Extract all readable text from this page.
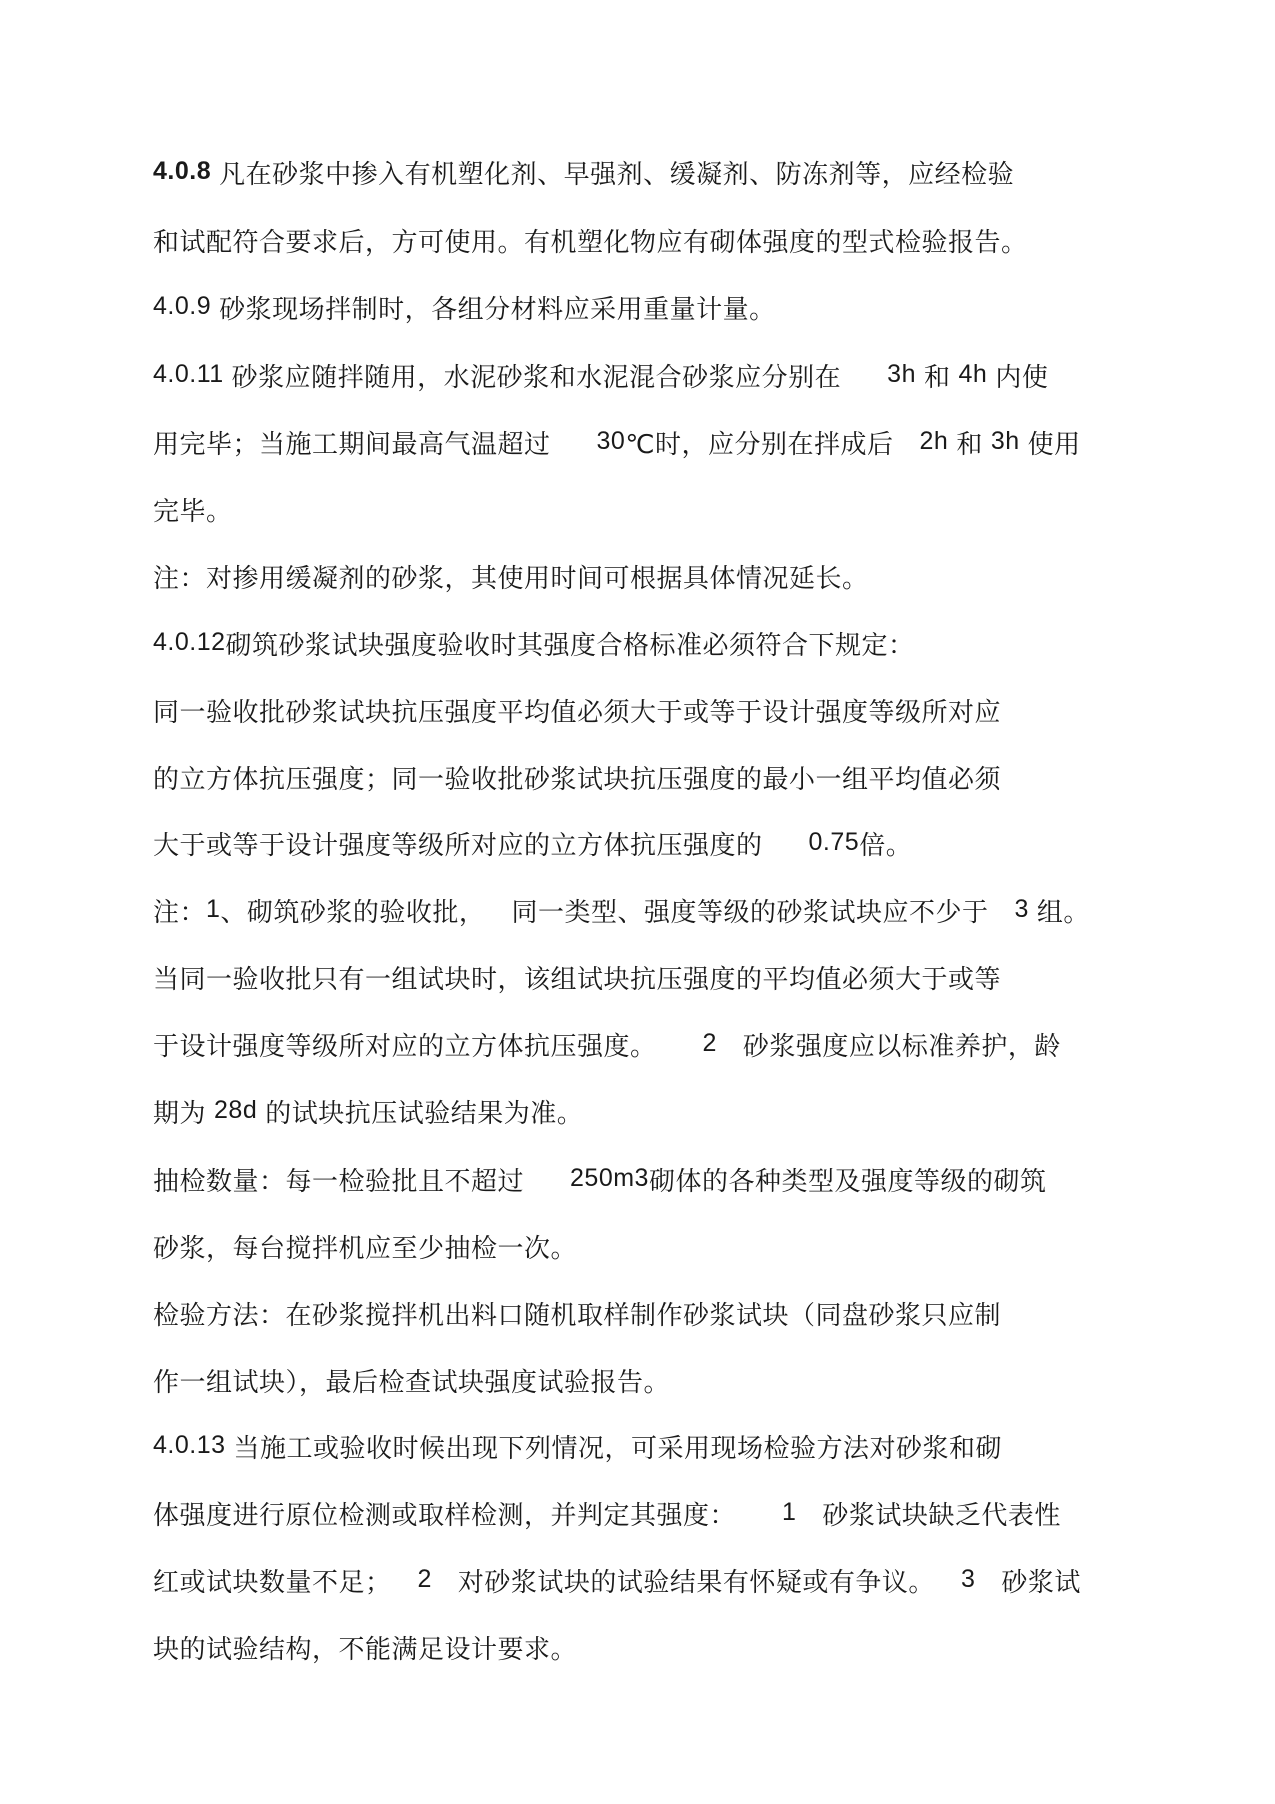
4.0.8 凡在砂浆中掺入有机塑化剂、早强剂、缓凝剂、防冻剂等，应经检验
和试配符合要求后，方可使用。有机塑化物应有砌体强度的型式检验报告。
4.0.9 砂浆现场拌制时，各组分材料应采用重量计量。
4.0.11 砂浆应随拌随用，水泥砂浆和水泥混合砂浆应分别在 3h 和 4h 内使
用完毕；当施工期间最高气温超过 30℃时，应分别在拌成后 2h 和 3h 使用
完毕。
注：对掺用缓凝剂的砂浆，其使用时间可根据具体情况延长。
4.0.12砌筑砂浆试块强度验收时其强度合格标准必须符合下规定：
同一验收批砂浆试块抗压强度平均值必须大于或等于设计强度等级所对应
的立方体抗压强度；同一验收批砂浆试块抗压强度的最小一组平均值必须
大于或等于设计强度等级所对应的立方体抗压强度的 0.75倍。
注：1、砌筑砂浆的验收批， 同一类型、强度等级的砂浆试块应不少于 3 组。
当同一验收批只有一组试块时，该组试块抗压强度的平均值必须大于或等
于设计强度等级所对应的立方体抗压强度。 2 砂浆强度应以标准养护，龄
期为 28d 的试块抗压试验结果为准。
抽检数量：每一检验批且不超过 250m3砌体的各种类型及强度等级的砌筑
砂浆，每台搅拌机应至少抽检一次。
检验方法：在砂浆搅拌机出料口随机取样制作砂浆试块（同盘砂浆只应制
作一组试块），最后检查试块强度试验报告。
4.0.13 当施工或验收时候出现下列情况，可采用现场检验方法对砂浆和砌
体强度进行原位检测或取样检测，并判定其强度： 1 砂浆试块缺乏代表性
红或试块数量不足； 2 对砂浆试块的试验结果有怀疑或有争议。 3 砂浆试
块的试验结构，不能满足设计要求。
